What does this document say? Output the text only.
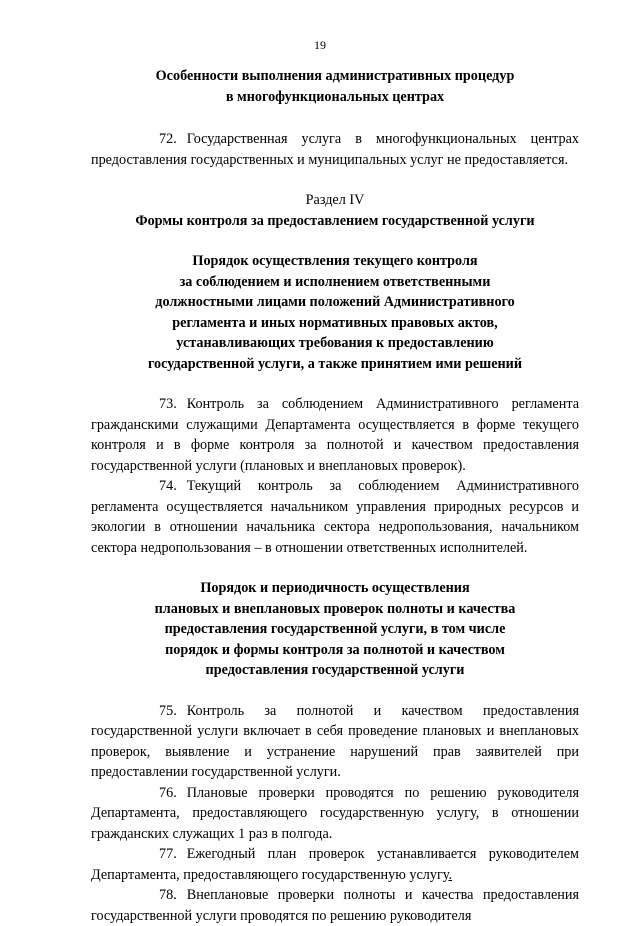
19

Особенности выполнения административных процедур
в многофункциональных центрах

72. Государственная услуга в многофункциональных центрах предоставления государственных и муниципальных услуг не предоставляется.

Раздел IV

Формы контроля за предоставлением государственной услуги

Порядок осуществления текущего контроля
за соблюдением и исполнением ответственными
должностными лицами положений Административного
регламента и иных нормативных правовых актов,
устанавливающих требования к предоставлению
государственной услуги, а также принятием ими решений

73. Контроль за соблюдением Административного регламента гражданскими служащими Департамента осуществляется в форме текущего контроля и в форме контроля за полнотой и качеством предоставления государственной услуги (плановых и внеплановых проверок).

74. Текущий контроль за соблюдением Административного регламента осуществляется начальником управления природных ресурсов и экологии в отношении начальника сектора недропользования, начальником сектора недропользования – в отношении ответственных исполнителей.

Порядок и периодичность осуществления
плановых и внеплановых проверок полноты и качества
предоставления государственной услуги, в том числе
порядок и формы контроля за полнотой и качеством
предоставления государственной услуги

75. Контроль за полнотой и качеством предоставления государственной услуги включает в себя проведение плановых и внеплановых проверок, выявление и устранение нарушений прав заявителей при предоставлении государственной услуги.

76. Плановые проверки проводятся по решению руководителя Департамента, предоставляющего государственную услугу, в отношении гражданских служащих 1 раз в полгода.

77. Ежегодный план проверок устанавливается руководителем Департамента, предоставляющего государственную услугу.

78. Внеплановые проверки полноты и качества предоставления государственной услуги проводятся по решению руководителя
